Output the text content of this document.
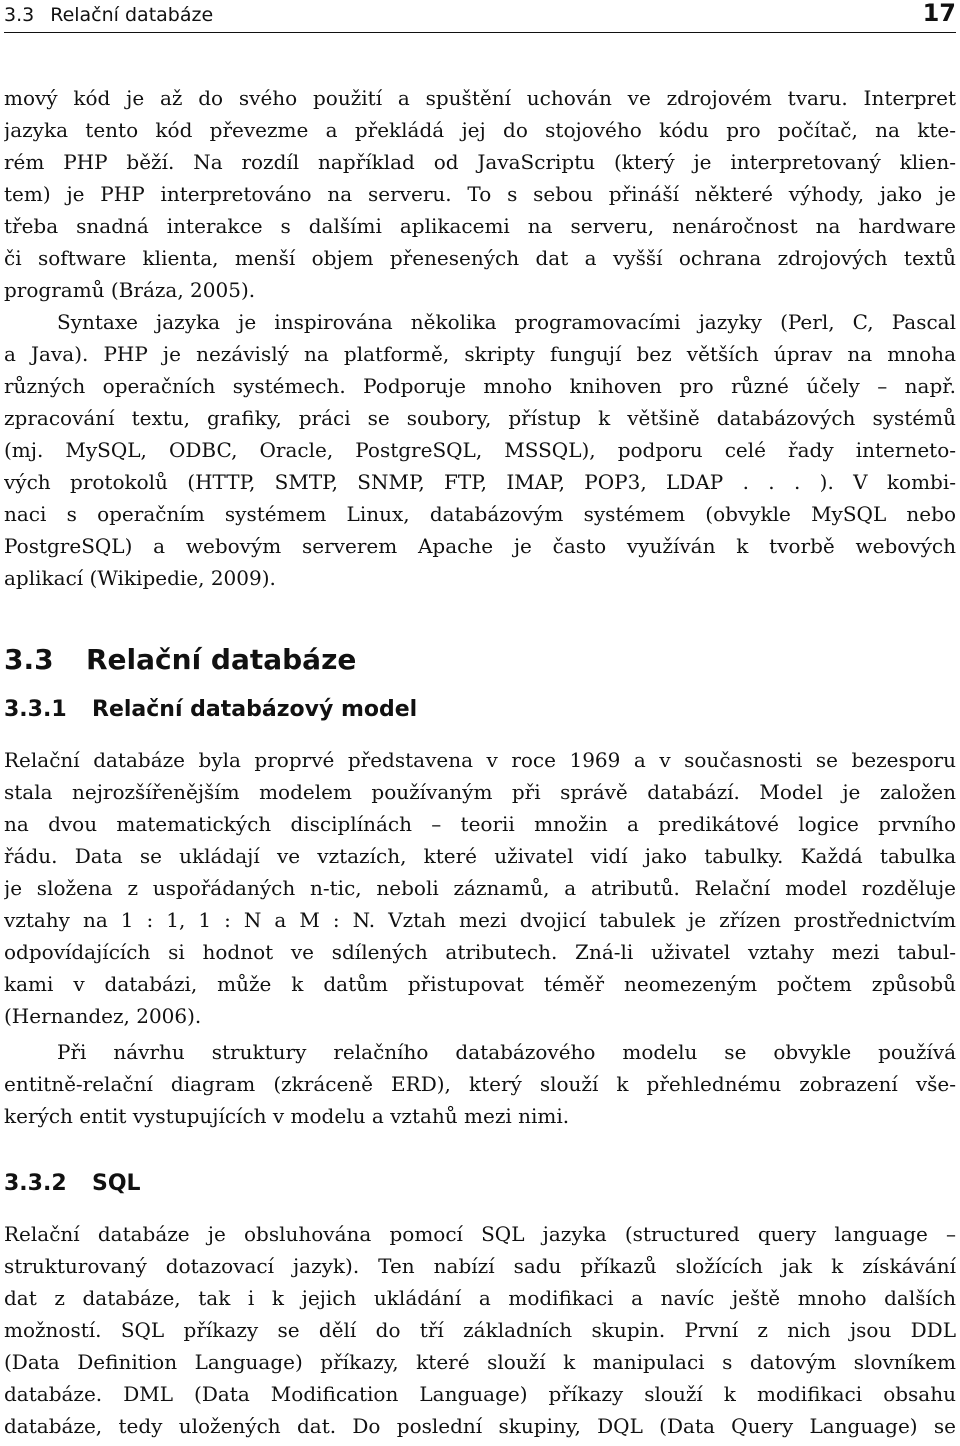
3.3 Relační databáze	17
mový kód je až do svého použití a spuštění uchován ve zdrojovém tvaru. Interpret
jazyka tento kód převezme a překládá jej do stojového kódu pro počítač, na kte-
rém PHP běží. Na rozdíl například od JavaScriptu (který je interpretovaný klien-
tem) je PHP interpretováno na serveru. To s sebou přináší některé výhody, jako je
třeba snadná interakce s dalšími aplikacemi na serveru, nenáročnost na hardware
či software klienta, menší objem přenesených dat a vyšší ochrana zdrojových textů
programů (Bráza, 2005).
Syntaxe jazyka je inspirována několika programovacími jazyky (Perl, C, Pascal
a Java). PHP je nezávislý na platformě, skripty fungují bez větších úprav na mnoha
různých operačních systémech. Podporuje mnoho knihoven pro různé účely – např.
zpracování textu, grafiky, práci se soubory, přístup k většině databázových systémů
(mj. MySQL, ODBC, Oracle, PostgreSQL, MSSQL), podporu celé řady interneto-
vých protokolů (HTTP, SMTP, SNMP, FTP, IMAP, POP3, LDAP . . . ). V kombi-
naci s operačním systémem Linux, databázovým systémem (obvykle MySQL nebo
PostgreSQL) a webovým serverem Apache je často využíván k tvorbě webových
aplikací (Wikipedie, 2009).
3.3 Relační databáze
3.3.1 Relační databázový model
Relační databáze byla proprvé představena v roce 1969 a v současnosti se bezesporu
stala nejrozšířenějším modelem používaným při správě databází. Model je založen
na dvou matematických disciplínách – teorii množin a predikátové logice prvního
řádu. Data se ukládají ve vztazích, které uživatel vidí jako tabulky. Každá tabulka
je složena z uspořádaných n-tic, neboli záznamů, a atributů. Relační model rozděluje
vztahy na 1 : 1, 1 : N a M : N. Vztah mezi dvojicí tabulek je zřízen prostřednictvím
odpovídajících si hodnot ve sdílených atributech. Zná-li uživatel vztahy mezi tabul-
kami v databázi, může k datům přistupovat téměř neomezeným počtem způsobů
(Hernandez, 2006).
Při návrhu struktury relačního databázového modelu se obvykle používá
entitně-relační diagram (zkráceně ERD), který slouží k přehlednému zobrazení vše-
kerých entit vystupujících v modelu a vztahů mezi nimi.
3.3.2 SQL
Relační databáze je obsluhována pomocí SQL jazyka (structured query language –
strukturovaný dotazovací jazyk). Ten nabízí sadu příkazů složících jak k získávání
dat z databáze, tak i k jejich ukládání a modifikaci a navíc ještě mnoho dalších
možností. SQL příkazy se dělí do tří základních skupin. První z nich jsou DDL
(Data Definition Language) příkazy, které slouží k manipulaci s datovým slovníkem
databáze. DML (Data Modification Language) příkazy slouží k modifikaci obsahu
databáze, tedy uložených dat. Do poslední skupiny, DQL (Data Query Language) se
